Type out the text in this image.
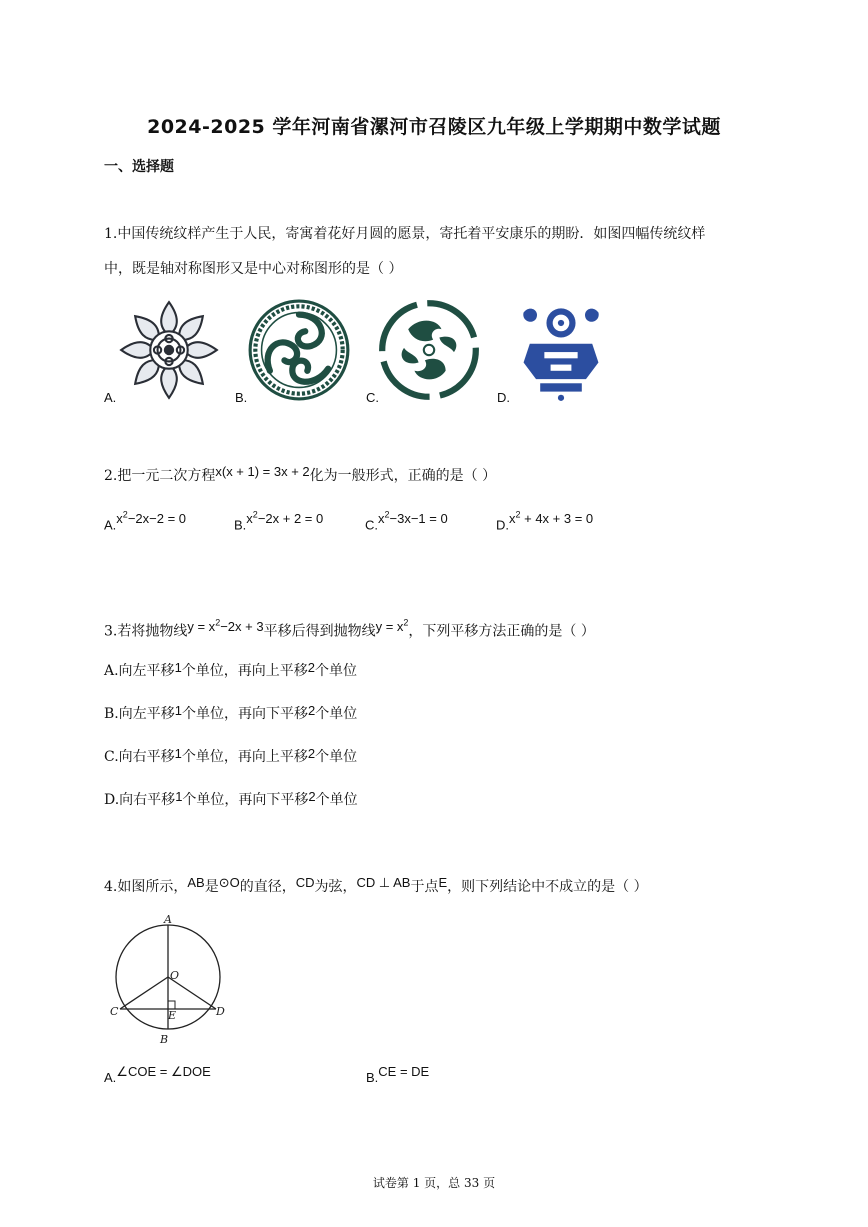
2024-2025 学年河南省漯河市召陵区九年级上学期期中数学试题
一、选择题
1.中国传统纹样产生于人民，寄寓着花好月圆的愿景，寄托着平安康乐的期盼．如图四幅传统纹样
中，既是轴对称图形又是中心对称图形的是（ ）
A.	B.	C.	D.
2.把一元二次方程x(x + 1) = 3x + 2化为一般形式，正确的是（ ）
$A.x^2-2x-2 = 0$	$B.x^2-2x + 2 = 0$	$C.x^2-3x-1 = 0$	$D.x^2 + 4x + 3 = 0$
3.若将抛物线$y = x^2-2x + 3$平移后得到抛物线$y = x^2$，下列平移方法正确的是（ ）
A.向左平移1个单位，再向上平移2个单位
B.向左平移1个单位，再向下平移2个单位
C.向右平移1个单位，再向上平移2个单位
D.向右平移1个单位，再向下平移2个单位
4.如图所示，AB是⊙O的直径，CD为弦，CD ⊥ AB于点E，则下列结论中不成立的是（ ）
A
O
C	D
E
B
A.∠COE = ∠DOE	B.CE = DE
试卷第 1 页，总 33 页
